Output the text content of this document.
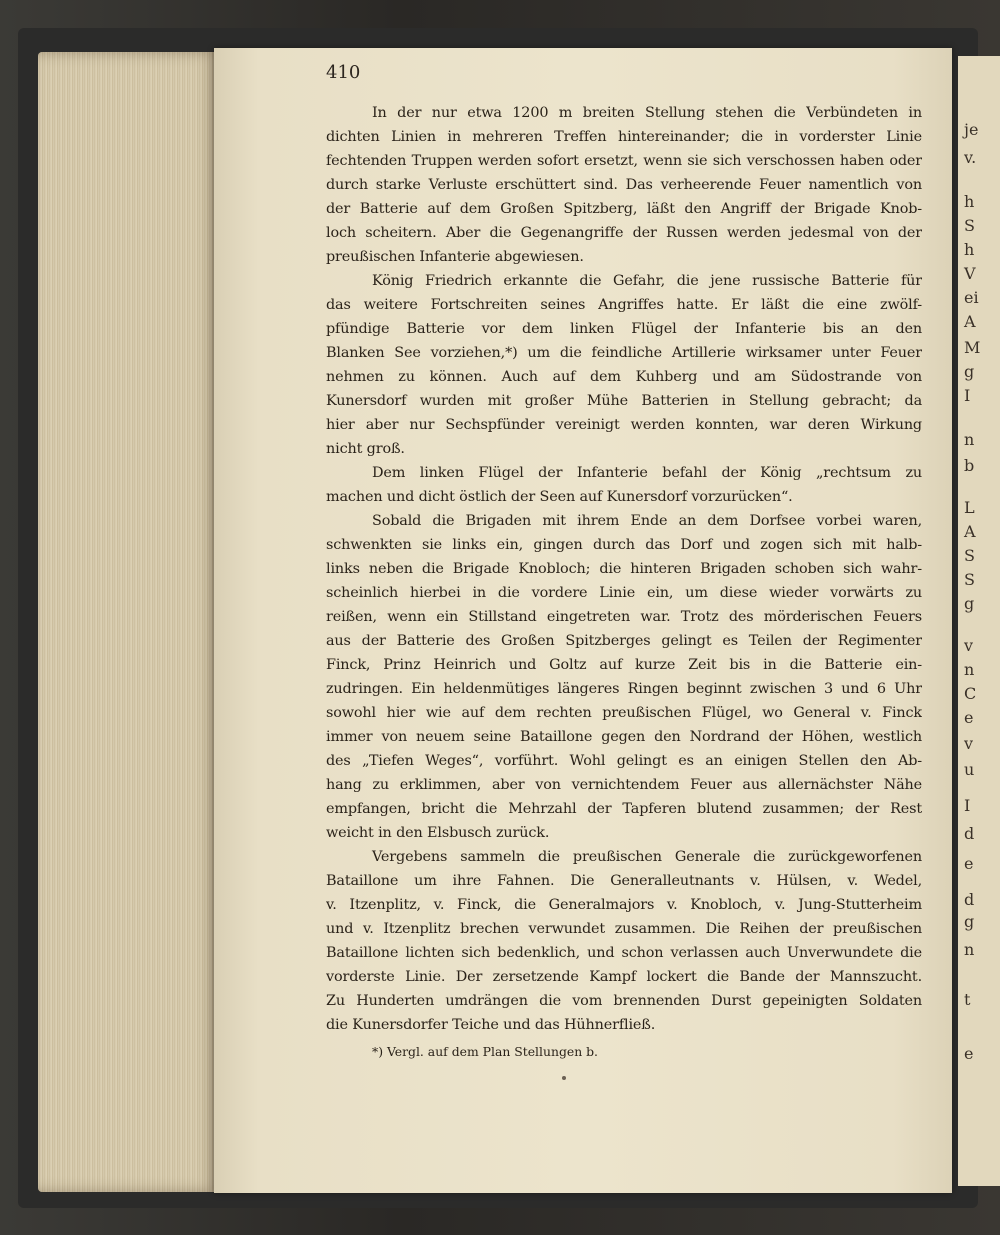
je
v.
h
S
h
V
ei
A
M
g
I
n
b
L
A
S
S
g
v
n
C
e
v
u
I
d
e
d
g
n
t
e
410
In der nur etwa 1200 m breiten Stellung stehen die Verbündeten in
dichten Linien in mehreren Treffen hintereinander; die in vorderster Linie
fechtenden Truppen werden sofort ersetzt, wenn sie sich verschossen haben oder
durch starke Verluste erschüttert sind. Das verheerende Feuer namentlich von
der Batterie auf dem Großen Spitzberg, läßt den Angriff der Brigade Knob-
loch scheitern. Aber die Gegenangriffe der Russen werden jedesmal von der
preußischen Infanterie abgewiesen.
König Friedrich erkannte die Gefahr, die jene russische Batterie für
das weitere Fortschreiten seines Angriffes hatte. Er läßt die eine zwölf-
pfündige Batterie vor dem linken Flügel der Infanterie bis an den
Blanken See vorziehen,*) um die feindliche Artillerie wirksamer unter Feuer
nehmen zu können. Auch auf dem Kuhberg und am Südostrande von
Kunersdorf wurden mit großer Mühe Batterien in Stellung gebracht; da
hier aber nur Sechspfünder vereinigt werden konnten, war deren Wirkung
nicht groß.
Dem linken Flügel der Infanterie befahl der König „rechtsum zu
machen und dicht östlich der Seen auf Kunersdorf vorzurücken“.
Sobald die Brigaden mit ihrem Ende an dem Dorfsee vorbei waren,
schwenkten sie links ein, gingen durch das Dorf und zogen sich mit halb-
links neben die Brigade Knobloch; die hinteren Brigaden schoben sich wahr-
scheinlich hierbei in die vordere Linie ein, um diese wieder vorwärts zu
reißen, wenn ein Stillstand eingetreten war. Trotz des mörderischen Feuers
aus der Batterie des Großen Spitzberges gelingt es Teilen der Regimenter
Finck, Prinz Heinrich und Goltz auf kurze Zeit bis in die Batterie ein-
zudringen. Ein heldenmütiges längeres Ringen beginnt zwischen 3 und 6 Uhr
sowohl hier wie auf dem rechten preußischen Flügel, wo General v. Finck
immer von neuem seine Bataillone gegen den Nordrand der Höhen, westlich
des „Tiefen Weges“, vorführt. Wohl gelingt es an einigen Stellen den Ab-
hang zu erklimmen, aber von vernichtendem Feuer aus allernächster Nähe
empfangen, bricht die Mehrzahl der Tapferen blutend zusammen; der Rest
weicht in den Elsbusch zurück.
Vergebens sammeln die preußischen Generale die zurückgeworfenen
Bataillone um ihre Fahnen. Die Generalleutnants v. Hülsen, v. Wedel,
v. Itzenplitz, v. Finck, die Generalmajors v. Knobloch, v. Jung-Stutterheim
und v. Itzenplitz brechen verwundet zusammen. Die Reihen der preußischen
Bataillone lichten sich bedenklich, und schon verlassen auch Unverwundete die
vorderste Linie. Der zersetzende Kampf lockert die Bande der Mannszucht.
Zu Hunderten umdrängen die vom brennenden Durst gepeinigten Soldaten
die Kunersdorfer Teiche und das Hühnerfließ.
*) Vergl. auf dem Plan Stellungen b.
